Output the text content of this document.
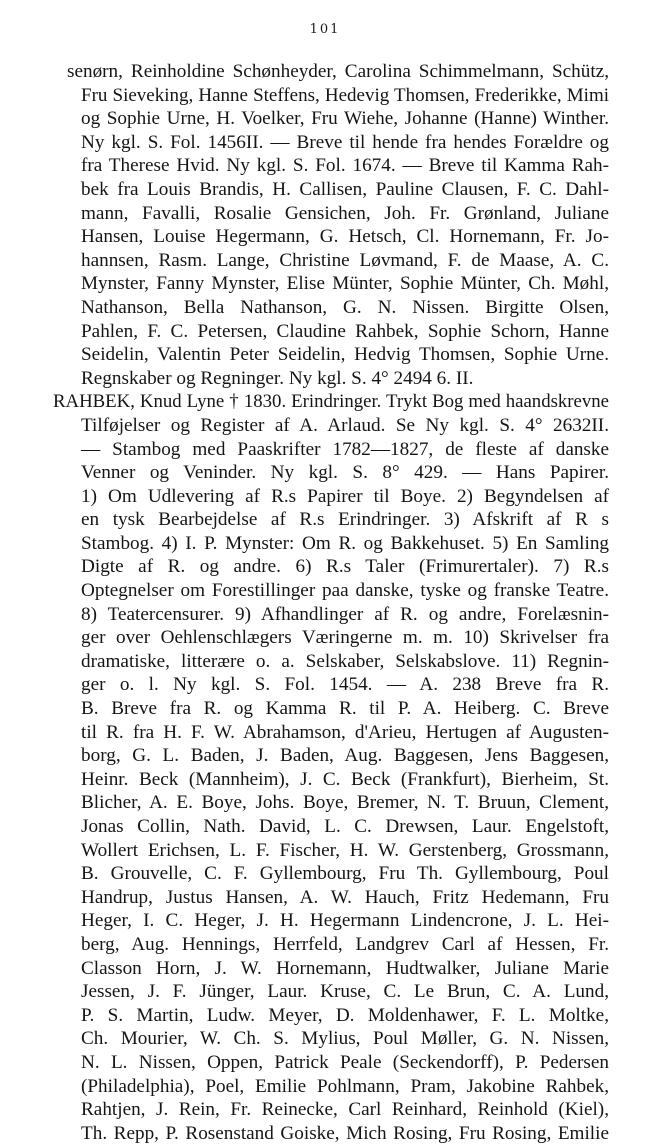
101
senørn, Reinholdine Schønheyder, Carolina Schimmelmann, Schütz,
Fru Sieveking, Hanne Steffens, Hedevig Thomsen, Frederikke, Mimi
og Sophie Urne, H. Voelker, Fru Wiehe, Johanne (Hanne) Winther.
Ny kgl. S. Fol. 1456II. — Breve til hende fra hendes Forældre og
fra Therese Hvid. Ny kgl. S. Fol. 1674. — Breve til Kamma Rah-
bek fra Louis Brandis, H. Callisen, Pauline Clausen, F. C. Dahl-
mann, Favalli, Rosalie Gensichen, Joh. Fr. Grønland, Juliane
Hansen, Louise Hegermann, G. Hetsch, Cl. Hornemann, Fr. Jo-
hannsen, Rasm. Lange, Christine Løvmand, F. de Maase, A. C.
Mynster, Fanny Mynster, Elise Münter, Sophie Münter, Ch. Møhl,
Nathanson, Bella Nathanson, G. N. Nissen. Birgitte Olsen,
Pahlen, F. C. Petersen, Claudine Rahbek, Sophie Schorn, Hanne
Seidelin, Valentin Peter Seidelin, Hedvig Thomsen, Sophie Urne.
Regnskaber og Regninger. Ny kgl. S. 4° 2494 6. II.
RAHBEK, Knud Lyne † 1830. Erindringer. Trykt Bog med haandskrevne
Tilføjelser og Register af A. Arlaud. Se Ny kgl. S. 4° 2632II.
— Stambog med Paaskrifter 1782—1827, de fleste af danske
Venner og Veninder. Ny kgl. S. 8° 429. — Hans Papirer.
1) Om Udlevering af R.s Papirer til Boye. 2) Begyndelsen af
en tysk Bearbejdelse af R.s Erindringer. 3) Afskrift af R s
Stambog. 4) I. P. Mynster: Om R. og Bakkehuset. 5) En Samling
Digte af R. og andre. 6) R.s Taler (Frimurertaler). 7) R.s
Optegnelser om Forestillinger paa danske, tyske og franske Teatre.
8) Teatercensurer. 9) Afhandlinger af R. og andre, Forelæsnin-
ger over Oehlenschlægers Væringerne m. m. 10) Skrivelser fra
dramatiske, litterære o. a. Selskaber, Selskabslove. 11) Regnin-
ger o. l. Ny kgl. S. Fol. 1454. — A. 238 Breve fra R.
B. Breve fra R. og Kamma R. til P. A. Heiberg. C. Breve
til R. fra H. F. W. Abrahamson, d'Arieu, Hertugen af Augusten-
borg, G. L. Baden, J. Baden, Aug. Baggesen, Jens Baggesen,
Heinr. Beck (Mannheim), J. C. Beck (Frankfurt), Bierheim, St.
Blicher, A. E. Boye, Johs. Boye, Bremer, N. T. Bruun, Clement,
Jonas Collin, Nath. David, L. C. Drewsen, Laur. Engelstoft,
Wollert Erichsen, L. F. Fischer, H. W. Gerstenberg, Grossmann,
B. Grouvelle, C. F. Gyllembourg, Fru Th. Gyllembourg, Poul
Handrup, Justus Hansen, A. W. Hauch, Fritz Hedemann, Fru
Heger, I. C. Heger, J. H. Hegermann Lindencrone, J. L. Hei-
berg, Aug. Hennings, Herrfeld, Landgrev Carl af Hessen, Fr.
Classon Horn, J. W. Hornemann, Hudtwalker, Juliane Marie
Jessen, J. F. Jünger, Laur. Kruse, C. Le Brun, C. A. Lund,
P. S. Martin, Ludw. Meyer, D. Moldenhawer, F. L. Moltke,
Ch. Mourier, W. Ch. S. Mylius, Poul Møller, G. N. Nissen,
N. L. Nissen, Oppen, Patrick Peale (Seckendorff), P. Pedersen
(Philadelphia), Poel, Emilie Pohlmann, Pram, Jakobine Rahbek,
Rahtjen, J. Rein, Fr. Reinecke, Carl Reinhard, Reinhold (Kiel),
Th. Repp, P. Rosenstand Goiske, Mich Rosing, Fru Rosing, Emilie
